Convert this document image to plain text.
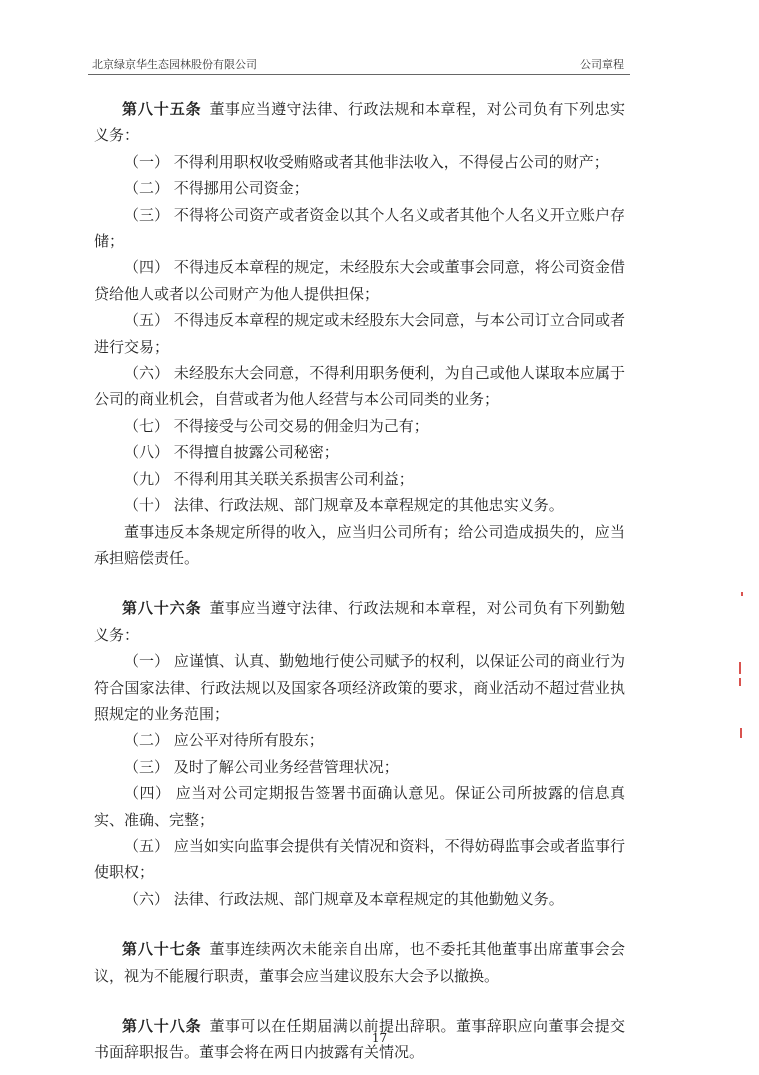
北京绿京华生态园林股份有限公司	公司章程

第八十五条 董事应当遵守法律、行政法规和本章程，对公司负有下列忠实义务：

（一） 不得利用职权收受贿赂或者其他非法收入，不得侵占公司的财产；

（二） 不得挪用公司资金；

（三） 不得将公司资产或者资金以其个人名义或者其他个人名义开立账户存储；

（四） 不得违反本章程的规定，未经股东大会或董事会同意，将公司资金借贷给他人或者以公司财产为他人提供担保；

（五） 不得违反本章程的规定或未经股东大会同意，与本公司订立合同或者进行交易；

（六） 未经股东大会同意，不得利用职务便利，为自己或他人谋取本应属于公司的商业机会，自营或者为他人经营与本公司同类的业务；

（七） 不得接受与公司交易的佣金归为己有；

（八） 不得擅自披露公司秘密；

（九） 不得利用其关联关系损害公司利益；

（十） 法律、行政法规、部门规章及本章程规定的其他忠实义务。

董事违反本条规定所得的收入，应当归公司所有；给公司造成损失的，应当承担赔偿责任。

第八十六条 董事应当遵守法律、行政法规和本章程，对公司负有下列勤勉义务：

（一） 应谨慎、认真、勤勉地行使公司赋予的权利，以保证公司的商业行为符合国家法律、行政法规以及国家各项经济政策的要求，商业活动不超过营业执照规定的业务范围；

（二） 应公平对待所有股东；

（三） 及时了解公司业务经营管理状况；

（四） 应当对公司定期报告签署书面确认意见。保证公司所披露的信息真实、准确、完整；

（五） 应当如实向监事会提供有关情况和资料，不得妨碍监事会或者监事行使职权；

（六） 法律、行政法规、部门规章及本章程规定的其他勤勉义务。

第八十七条 董事连续两次未能亲自出席，也不委托其他董事出席董事会会议，视为不能履行职责，董事会应当建议股东大会予以撤换。

第八十八条 董事可以在任期届满以前提出辞职。董事辞职应向董事会提交书面辞职报告。董事会将在两日内披露有关情况。

17
